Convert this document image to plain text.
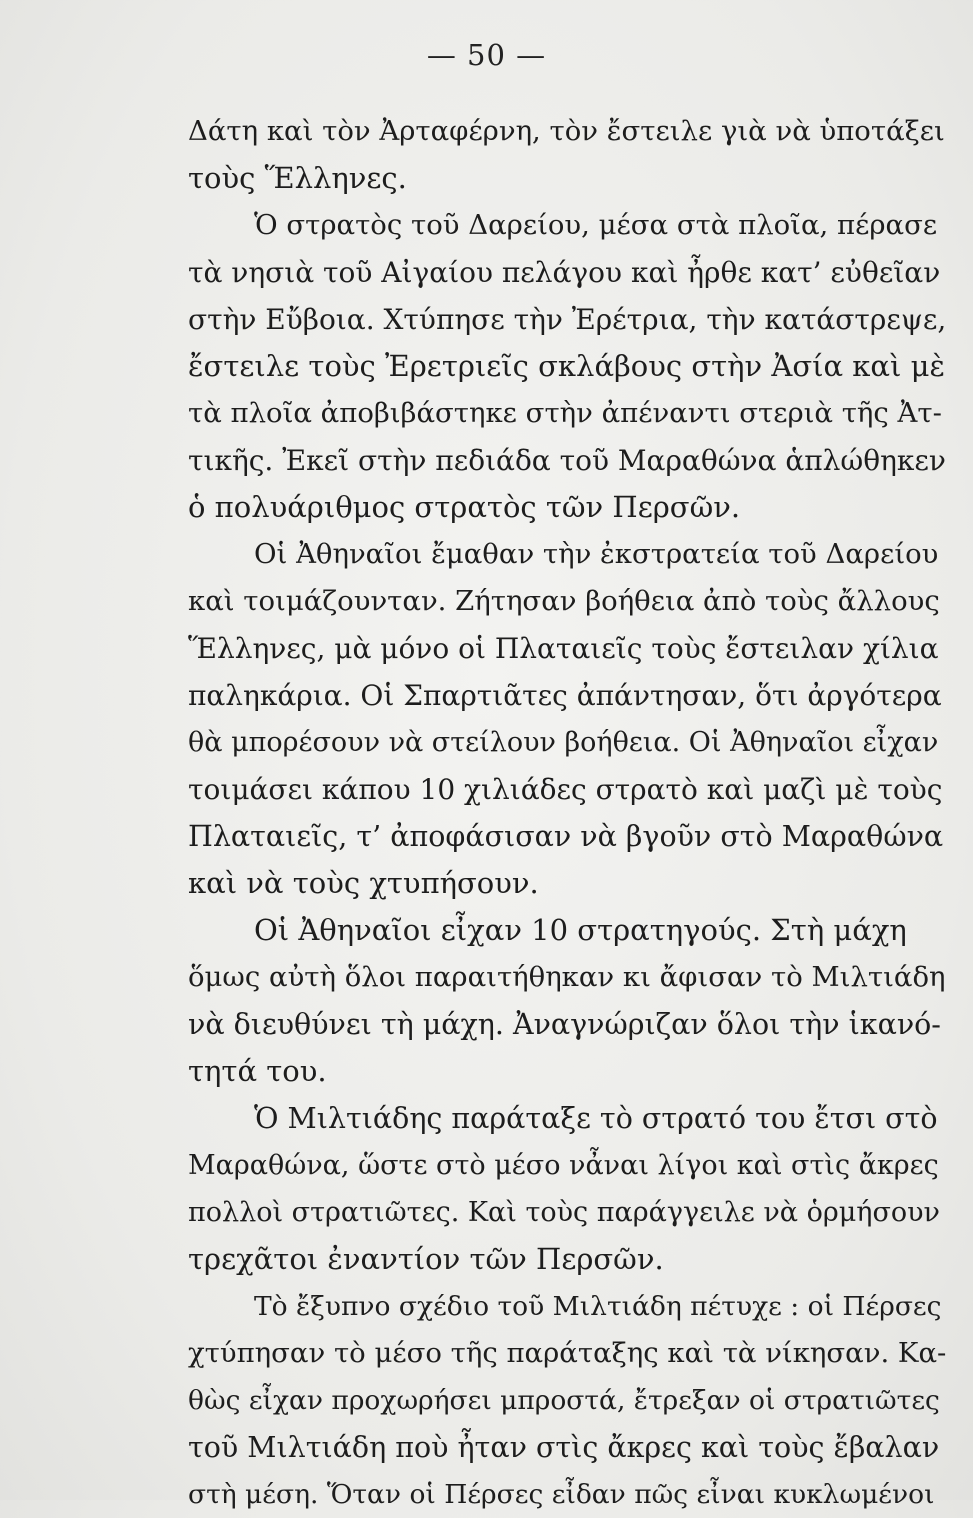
— 50 —
Δάτη καὶ τὸν Ἀρταφέρνη, τὸν ἔστειλε γιὰ νὰ ὑποτάξει
τοὺς Ἕλληνες.
Ὁ στρατὸς τοῦ Δαρείου, μέσα στὰ πλοῖα, πέρασε
τὰ νησιὰ τοῦ Αἰγαίου πελάγου καὶ ἦρθε κατ’ εὐθεῖαν
στὴν Εὔβοια. Χτύπησε τὴν Ἐρέτρια, τὴν κατάστρεψε,
ἔστειλε τοὺς Ἐρετριεῖς σκλάβους στὴν Ἀσία καὶ μὲ
τὰ πλοῖα ἀποβιβάστηκε στὴν ἀπέναντι στεριὰ τῆς Ἀτ-
τικῆς. Ἐκεῖ στὴν πεδιάδα τοῦ Μαραθώνα ἁπλώθηκεν
ὁ πολυάριθμος στρατὸς τῶν Περσῶν.
Οἱ Ἀθηναῖοι ἔμαθαν τὴν ἐκστρατεία τοῦ Δαρείου
καὶ τοιμάζουνταν. Ζήτησαν βοήθεια ἀπὸ τοὺς ἄλλους
Ἕλληνες, μὰ μόνο οἱ Πλαταιεῖς τοὺς ἔστειλαν χίλια
παληκάρια. Οἱ Σπαρτιᾶτες ἀπάντησαν, ὅτι ἀργότερα
θὰ μπορέσουν νὰ στείλουν βοήθεια. Οἱ Ἀθηναῖοι εἶχαν
τοιμάσει κάπου 10 χιλιάδες στρατὸ καὶ μαζὶ μὲ τοὺς
Πλαταιεῖς, τ’ ἀποφάσισαν νὰ βγοῦν στὸ Μαραθώνα
καὶ νὰ τοὺς χτυπήσουν.
Οἱ Ἀθηναῖοι εἶχαν 10 στρατηγούς. Στὴ μάχη
ὅμως αὐτὴ ὅλοι παραιτήθηκαν κι ἄφισαν τὸ Μιλτιάδη
νὰ διευθύνει τὴ μάχη. Ἀναγνώριζαν ὅλοι τὴν ἱκανό-
τητά του.
Ὁ Μιλτιάδης παράταξε τὸ στρατό του ἔτσι στὸ
Μαραθώνα, ὥστε στὸ μέσο νἆναι λίγοι καὶ στὶς ἄκρες
πολλοὶ στρατιῶτες. Καὶ τοὺς παράγγειλε νὰ ὁρμήσουν
τρεχᾶτοι ἐναντίον τῶν Περσῶν.
Τὸ ἔξυπνο σχέδιο τοῦ Μιλτιάδη πέτυχε : οἱ Πέρσες
χτύπησαν τὸ μέσο τῆς παράταξης καὶ τὰ νίκησαν. Κα-
θὼς εἶχαν προχωρήσει μπροστά, ἔτρεξαν οἱ στρατιῶτες
τοῦ Μιλτιάδη ποὺ ἦταν στὶς ἄκρες καὶ τοὺς ἔβαλαν
στὴ μέση. Ὅταν οἱ Πέρσες εἶδαν πῶς εἶναι κυκλωμένοι
